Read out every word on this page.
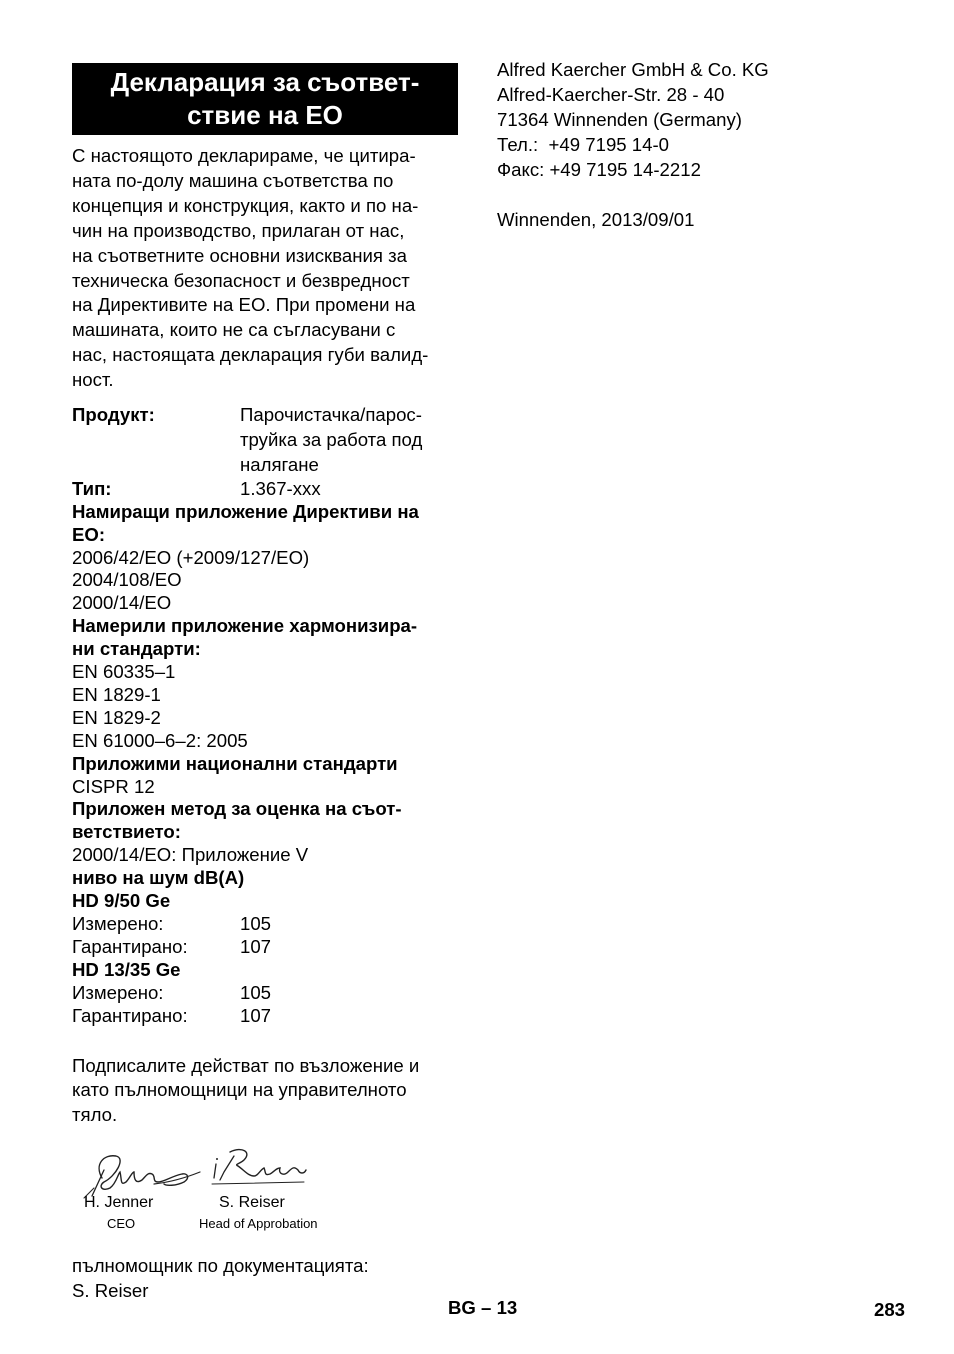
Декларация за съответ-
ствие на ЕО
С настоящото декларираме, че цитира-
ната по-долу машина съответства по
концепция и конструкция, както и по на-
чин на производство, прилаган от нас,
на съответните основни изисквания за
техническа безопасност и безвредност
на Директивите на ЕО. При промени на
машината, които не са съгласувани с
нас, настоящата декларация губи валид-
ност.
Продукт:	Парочистачка/парос-
труйка за работа под
налягане
Тип:	1.367-xxx
Намиращи приложение Директиви на
ЕО:
2006/42/ЕО (+2009/127/ЕО)
2004/108/ЕО
2000/14/ЕО
Намерили приложение хармонизира-
ни стандарти:
EN 60335–1
EN 1829-1
EN 1829-2
EN 61000–6–2: 2005
Приложими национални стандарти
CISPR 12
Приложен метод за оценка на съот-
ветствието:
2000/14/ЕО: Приложение V
ниво на шум dB(A)
HD 9/50 Ge
Измерено:	105
Гарантирано:	107
HD 13/35 Ge
Измерено:	105
Гарантирано:	107
Подписалите действат по възложение и
като пълномощници на управителното
тяло.
H. Jenner
CEO
S. Reiser
Head of Approbation
пълномощник по документацията:
S. Reiser
Alfred Kaercher GmbH & Co. KG
Alfred-Kaercher-Str. 28 - 40
71364 Winnenden (Germany)
Тел.:  +49 7195 14-0
Факс: +49 7195 14-2212
Winnenden, 2013/09/01
BG – 13	283
